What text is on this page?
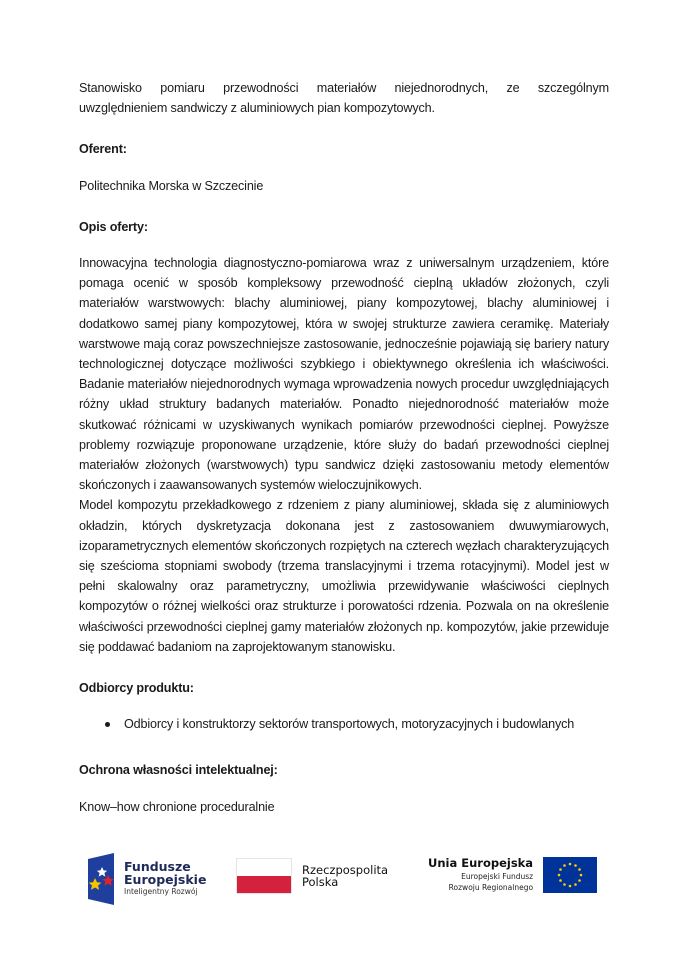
Stanowisko pomiaru przewodności materiałów niejednorodnych, ze szczególnym uwzględnieniem sandwiczy z aluminiowych pian kompozytowych.

Oferent:

Politechnika Morska w Szczecinie

Opis oferty:

Innowacyjna technologia diagnostyczno-pomiarowa wraz z uniwersalnym urządzeniem, które pomaga ocenić w sposób kompleksowy przewodność cieplną układów złożonych, czyli materiałów warstwowych: blachy aluminiowej, piany kompozytowej, blachy aluminiowej i dodatkowo samej piany kompozytowej, która w swojej strukturze zawiera ceramikę. Materiały warstwowe mają coraz powszechniejsze zastosowanie, jednocześnie pojawiają się bariery natury technologicznej dotyczące możliwości szybkiego i obiektywnego określenia ich właściwości. Badanie materiałów niejednorodnych wymaga wprowadzenia nowych procedur uwzględniających różny układ struktury badanych materiałów. Ponadto niejednorodność materiałów może skutkować różnicami w uzyskiwanych wynikach pomiarów przewodności cieplnej. Powyższe problemy rozwiązuje proponowane urządzenie, które służy do badań przewodności cieplnej materiałów złożonych (warstwowych) typu sandwicz dzięki zastosowaniu metody elementów skończonych i zaawansowanych systemów wieloczujnikowych.

Model kompozytu przekładkowego z rdzeniem z piany aluminiowej, składa się z aluminiowych okładzin, których dyskretyzacja dokonana jest z zastosowaniem dwuwymiarowych, izoparametrycznych elementów skończonych rozpiętych na czterech węzłach charakteryzujących się sześcioma stopniami swobody (trzema translacyjnymi i trzema rotacyjnymi). Model jest w pełni skalowalny oraz parametryczny, umożliwia przewidywanie właściwości cieplnych kompozytów o różnej wielkości oraz strukturze i porowatości rdzenia. Pozwala on na określenie właściwości przewodności cieplnej gamy materiałów złożonych np. kompozytów, jakie przewiduje się poddawać badaniom na zaprojektowanym stanowisku.

Odbiorcy produktu:

Odbiorcy i konstruktorzy sektorów transportowych, motoryzacyjnych i budowlanych

Ochrona własności intelektualnej:

Know–how chronione proceduralnie

Fundusze
Europejskie
Inteligentny Rozwój
Rzeczpospolita
Polska
Unia Europejska
Europejski Fundusz
Rozwoju Regionalnego
